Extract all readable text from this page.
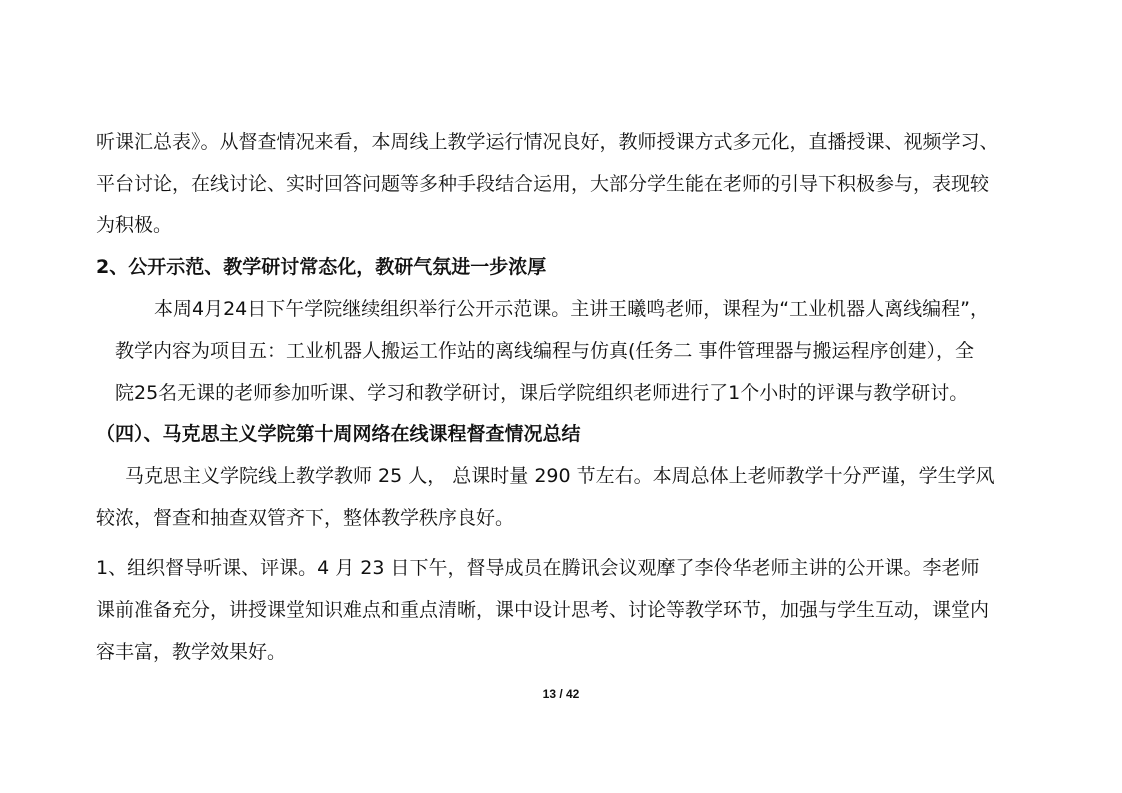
听课汇总表》。从督查情况来看，本周线上教学运行情况良好，教师授课方式多元化，直播授课、视频学习、
平台讨论，在线讨论、实时回答问题等多种手段结合运用，大部分学生能在老师的引导下积极参与，表现较
为积极。
2、公开示范、教学研讨常态化，教研气氛进一步浓厚
本周4月24日下午学院继续组织举行公开示范课。主讲王曦鸣老师，课程为“工业机器人离线编程”，
教学内容为项目五：工业机器人搬运工作站的离线编程与仿真(任务二 事件管理器与搬运程序创建），全
院25名无课的老师参加听课、学习和教学研讨，课后学院组织老师进行了1个小时的评课与教学研讨。
（四）、马克思主义学院第十周网络在线课程督查情况总结
马克思主义学院线上教学教师 25 人， 总课时量 290 节左右。本周总体上老师教学十分严谨，学生学风
较浓，督查和抽查双管齐下，整体教学秩序良好。
1、组织督导听课、评课。4 月 23 日下午，督导成员在腾讯会议观摩了李伶华老师主讲的公开课。李老师
课前准备充分，讲授课堂知识难点和重点清晰，课中设计思考、讨论等教学环节，加强与学生互动，课堂内
容丰富，教学效果好。
13 / 42
